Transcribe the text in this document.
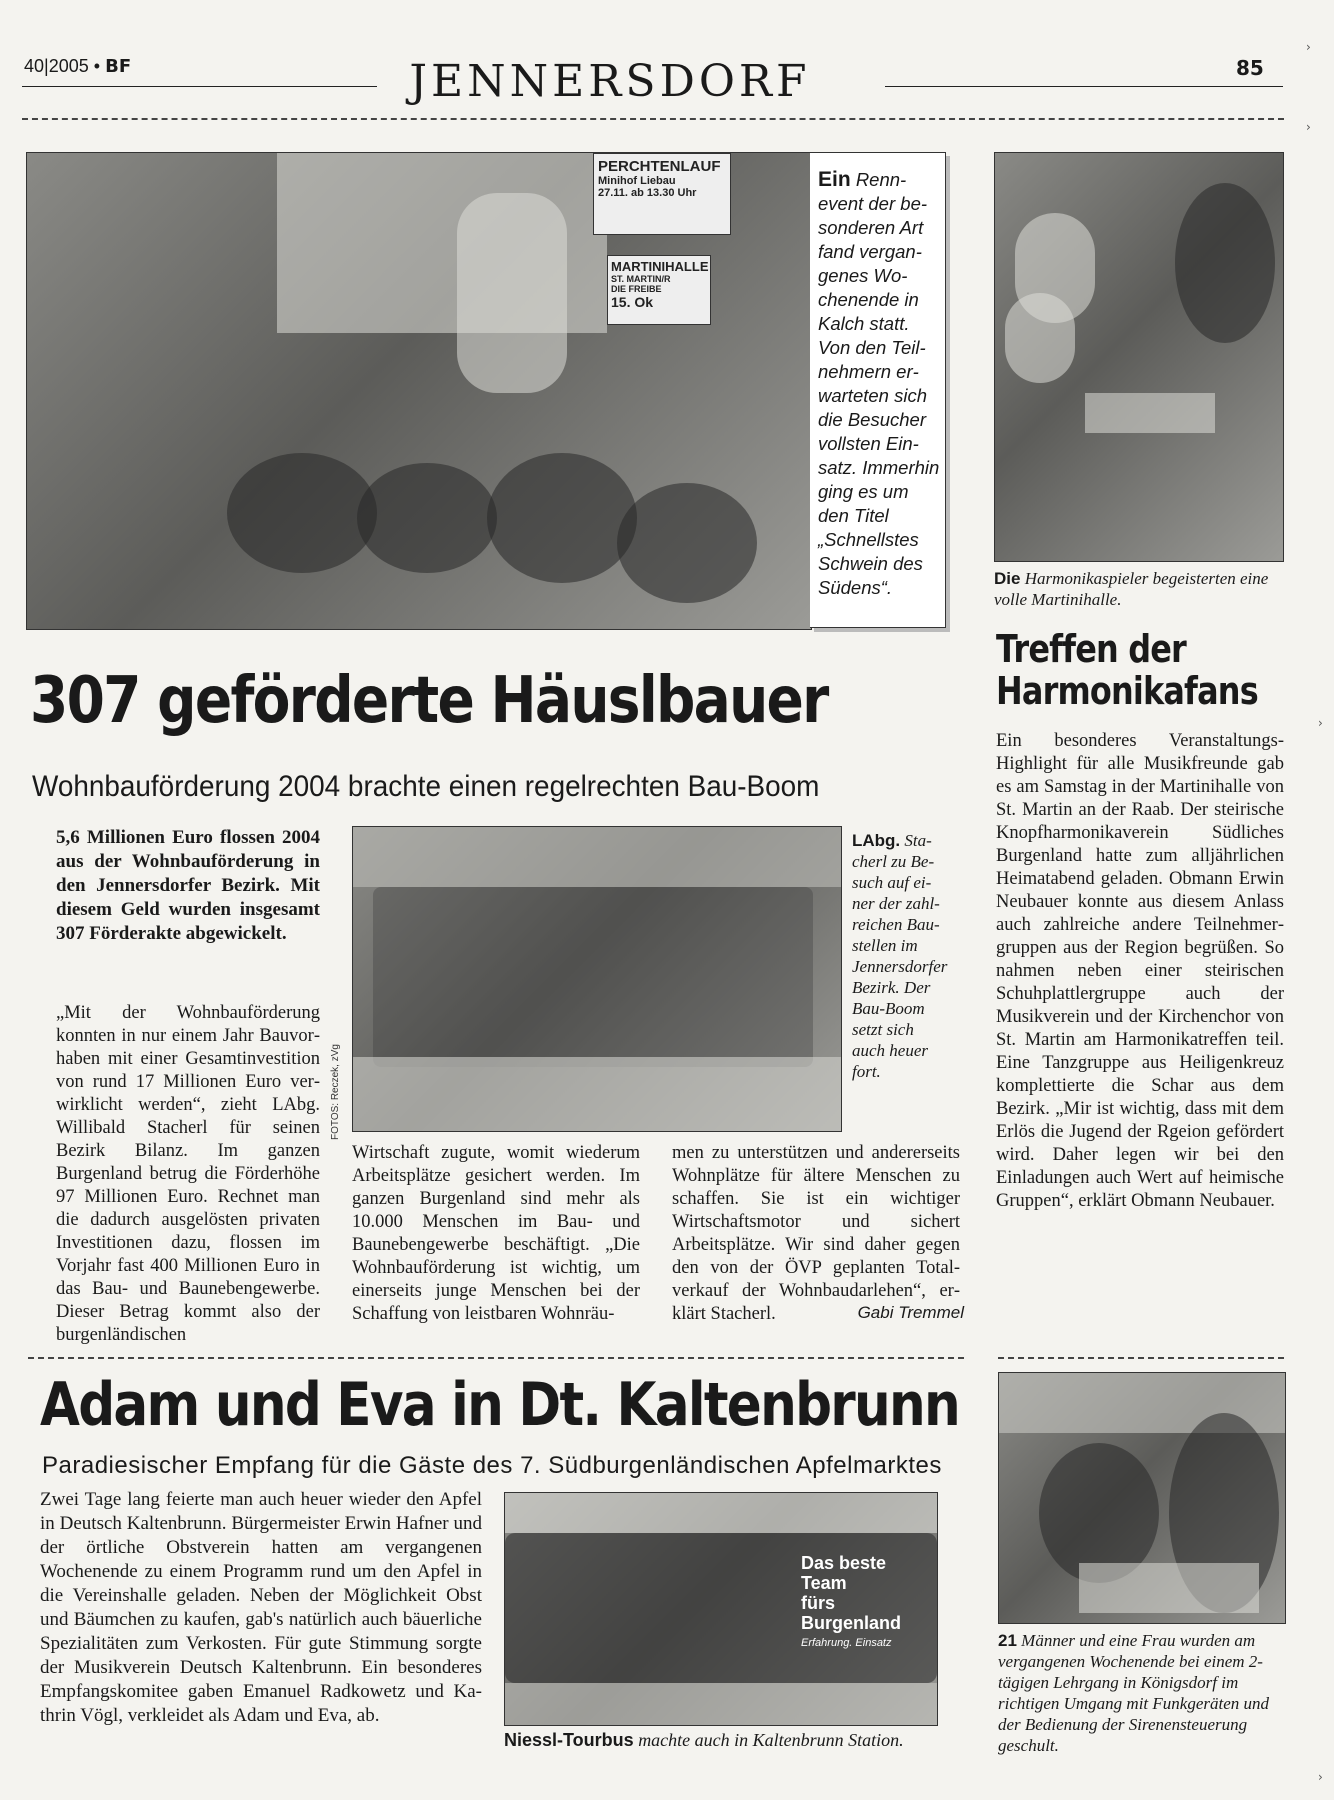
40|2005 • BF	JENNERSDORF	85
PERCHTENLAUF
Minihof Liebau
27.11. ab 13.30 Uhr
MARTINIHALLE
ST. MARTIN/R
DIE FREIBE
15. Ok
Ein Rennevent der besonderen Art fand vergangenes Wochenende in Kalch statt. Von den Teilnehmern erwarteten sich die Besucher vollsten Einsatz. Immerhin ging es um den Titel „Schnellstes Schwein des Südens“.	Die Harmonikaspieler begeisterten eine volle Martinihalle.
Treffen der Harmonikafans
Ein besonderes Veranstaltungs-Highlight für alle Musikfreunde gab es am Samstag in der Martinihalle von St. Martin an der Raab. Der steirische Knopfharmonikaverein Südliches Burgenland hatte zum alljährlichen Heimatabend geladen. Obmann Erwin Neubauer konnte aus diesem Anlass auch zahlreiche andere Teilnehmergruppen aus der Region begrüßen. So nahmen neben einer steirischen Schuhplattlergruppe auch der Musikverein und der Kirchenchor von St. Martin am Harmonikatreffen teil. Eine Tanzgruppe aus Heiligenkreuz komplettierte die Schar aus dem Bezirk. „Mir ist wichtig, dass mit dem Erlös die Jugend der Rgeion gefördert wird. Daher legen wir bei den Einladungen auch Wert auf heimische Gruppen“, erklärt Obmann Neubauer.
307 geförderte Häuslbauer
Wohnbauförderung 2004 brachte einen regelrechten Bau-Boom
5,6 Millionen Euro flossen 2004 aus der Wohnbauförderung in den Jennersdorfer Bezirk. Mit diesem Geld wurden insgesamt 307 Förderakte abgewickelt.
„Mit der Wohnbauförderung konnten in nur einem Jahr Bauvorhaben mit einer Gesamtinvestition von rund 17 Millionen Euro verwirklicht werden“, zieht LAbg. Willibald Stacherl für seinen Bezirk Bilanz. Im ganzen Burgenland betrug die Förderhöhe 97 Millionen Euro. Rechnet man die dadurch ausgelösten privaten Investitionen dazu, flossen im Vorjahr fast 400 Millionen Euro in das Bau- und Baunebengewerbe. Dieser Betrag kommt also der burgenländischen
FOTOS: Reczek, zVg
LAbg. Stacherl zu Besuch auf einer der zahlreichen Baustellen im Jennersdorfer Bezirk. Der Bau-Boom setzt sich auch heuer fort.
Wirtschaft zugute, womit wiederum Arbeitsplätze gesichert werden. Im ganzen Burgenland sind mehr als 10.000 Menschen im Bau- und Baunebengewerbe beschäftigt. „Die Wohnbauförderung ist wichtig, um einerseits junge Menschen bei der Schaffung von leistbaren Wohnräu-
men zu unterstützen und andererseits Wohnplätze für ältere Menschen zu schaffen. Sie ist ein wichtiger Wirtschaftsmotor und sichert Arbeitsplätze. Wir sind daher gegen den von der ÖVP geplanten Totalverkauf der Wohnbaudarlehen“, erklärt Stacherl.	Gabi Tremmel
Adam und Eva in Dt. Kaltenbrunn
Paradiesischer Empfang für die Gäste des 7. Südburgenländischen Apfelmarktes
Zwei Tage lang feierte man auch heuer wieder den Apfel in Deutsch Kaltenbrunn. Bürgermeister Erwin Hafner und der örtliche Obstverein hatten am vergangenen Wochenende zu einem Programm rund um den Apfel in die Vereinshalle geladen. Neben der Möglichkeit Obst und Bäumchen zu kaufen, gab's natürlich auch bäuerliche Spezialitäten zum Verkosten. Für gute Stimmung sorgte der Musikverein Deutsch Kaltenbrunn. Ein besonderes Empfangskomitee gaben Emanuel Radkowetz und Kathrin Vögl, verkleidet als Adam und Eva, ab.
Das beste Team
fürs Burgenland
Erfahrung. Einsatz
Niessl-Tourbus machte auch in Kaltenbrunn Station.
21 Männer und eine Frau wurden am vergangenen Wochenende bei einem 2-tägigen Lehrgang in Königsdorf im richtigen Umgang mit Funkgeräten und der Bedienung der Sirenensteuerung geschult.
›
›
›
›
